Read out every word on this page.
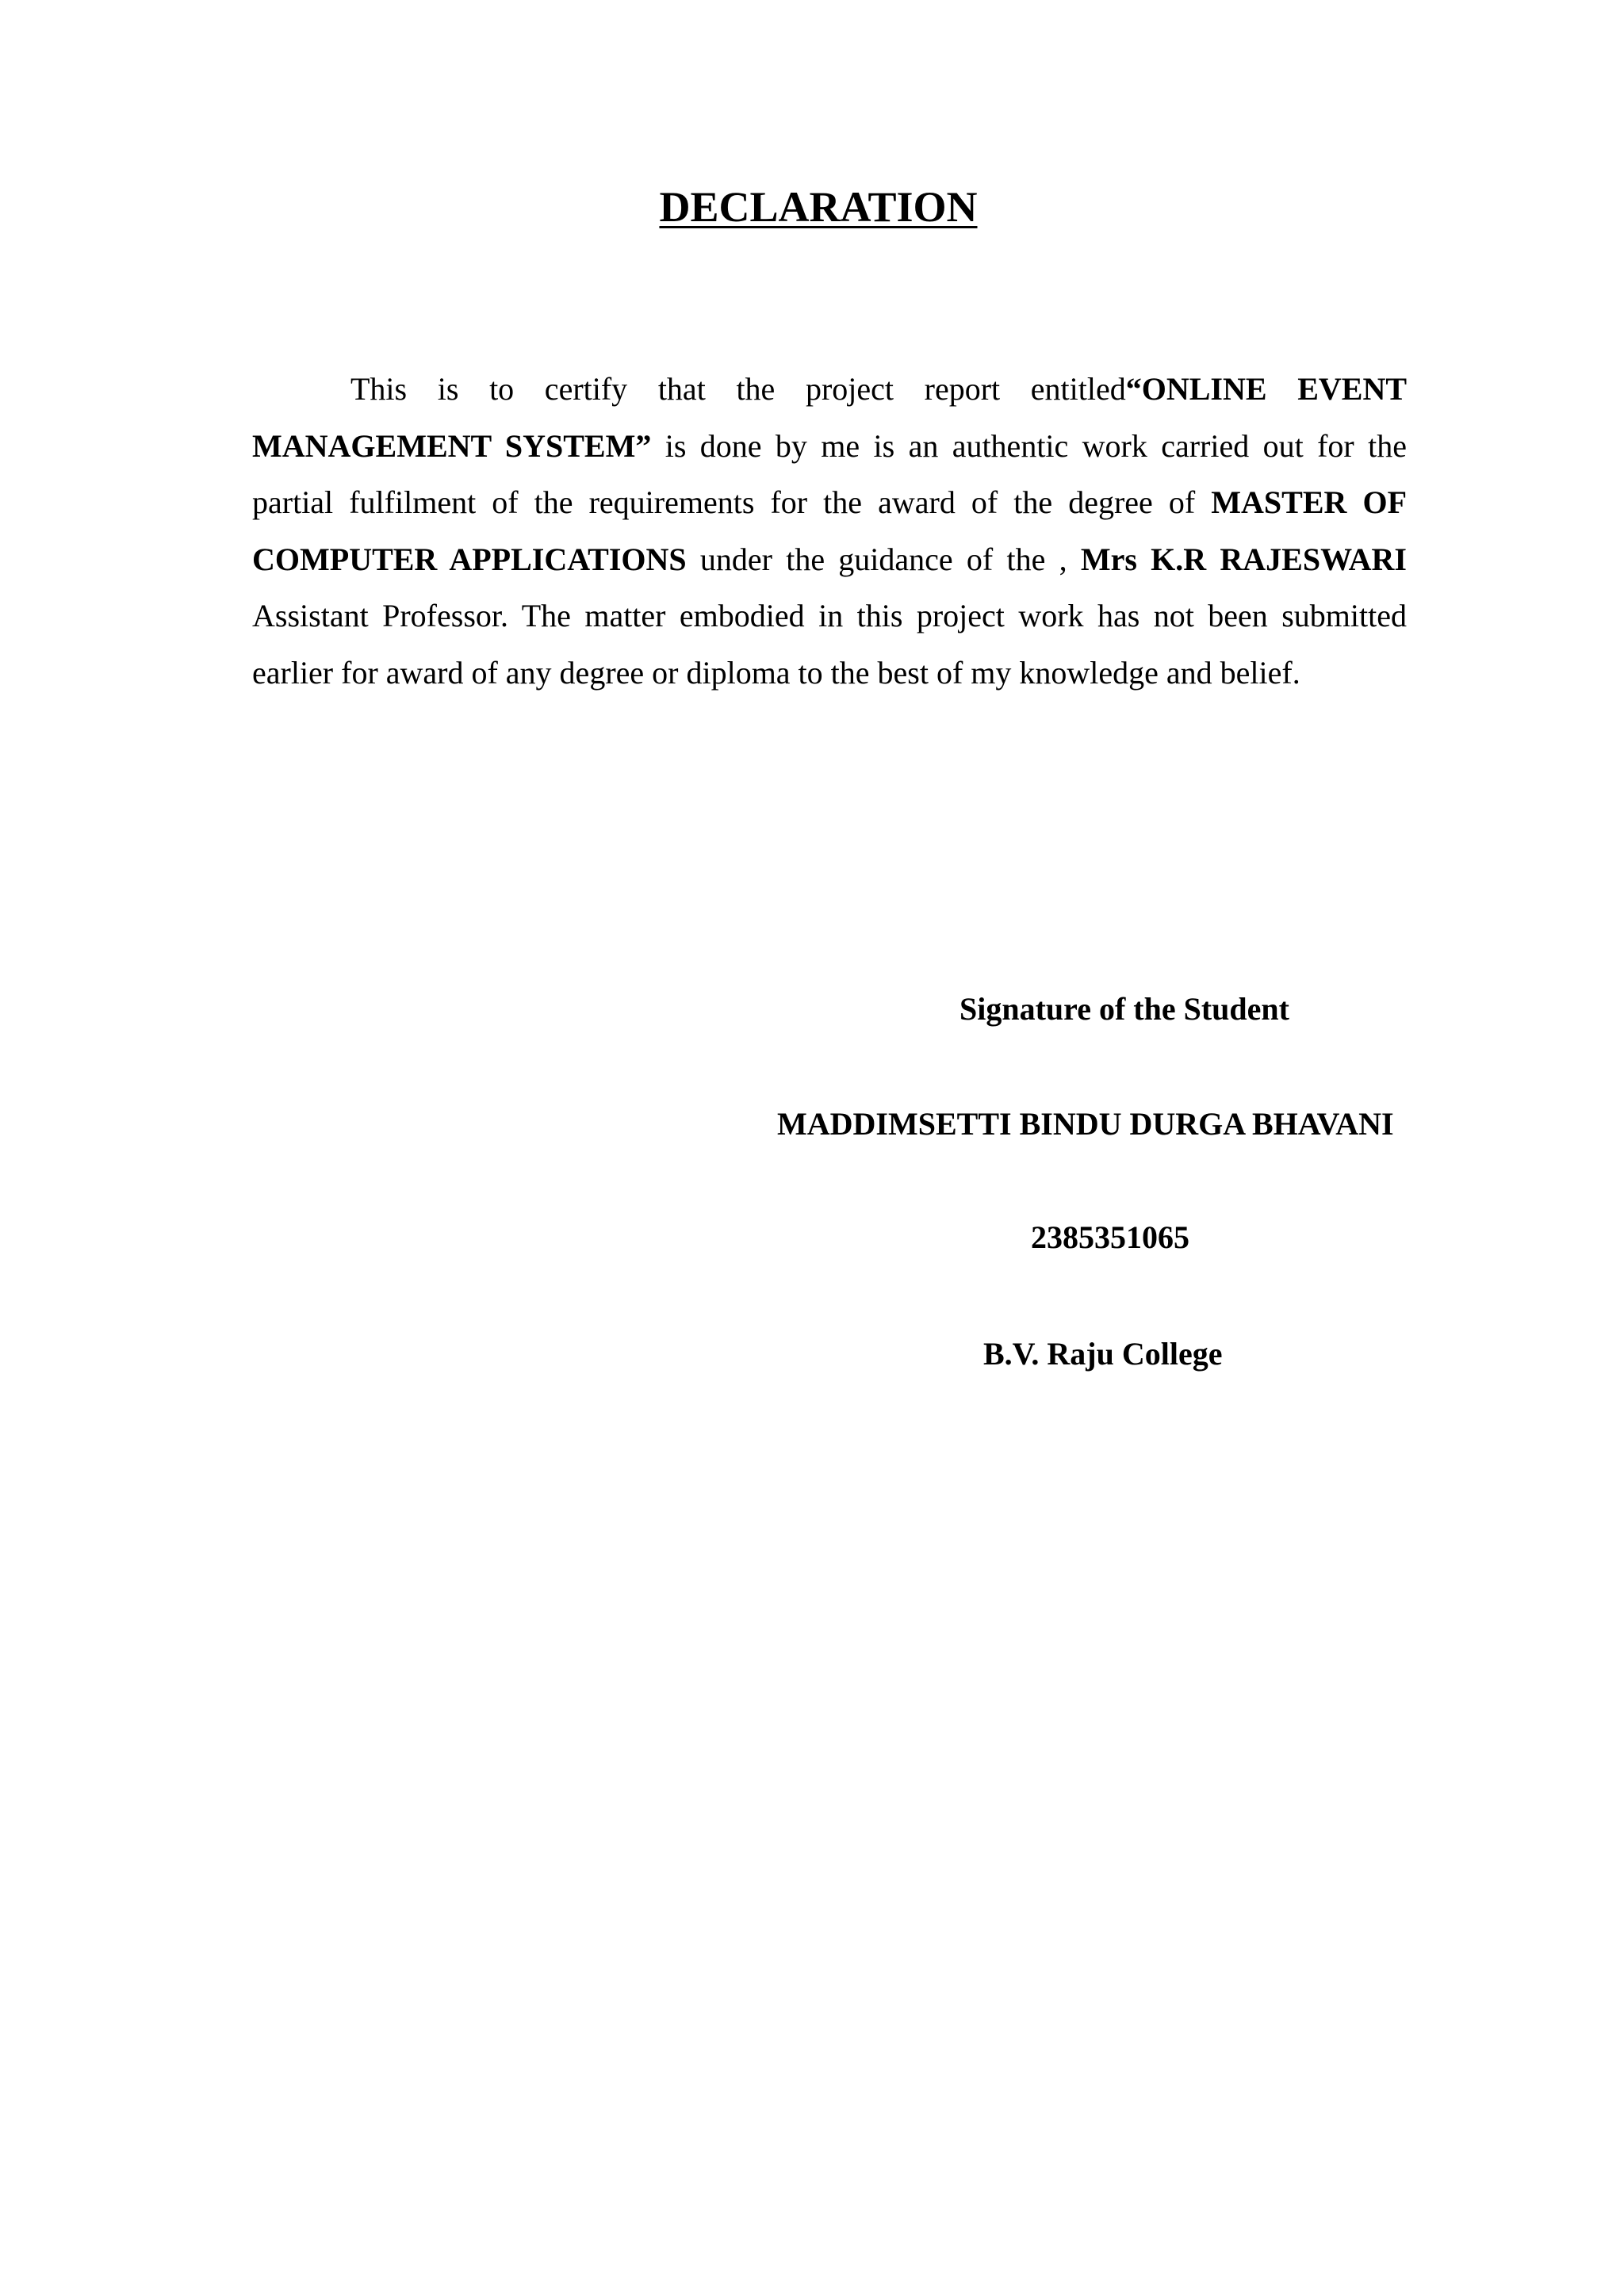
DECLARATION

This is to certify that the project report entitled“ONLINE EVENT MANAGEMENT SYSTEM” is done by me is an authentic work carried out for the partial fulfilment of the requirements for the award of the degree of MASTER OF COMPUTER APPLICATIONS under the guidance of the , Mrs K.R RAJESWARI Assistant Professor. The matter embodied in this project work has not been submitted earlier for award of any degree or diploma to the best of my knowledge and belief.

Signature of the Student
MADDIMSETTI BINDU DURGA BHAVANI
2385351065
B.V. Raju College
